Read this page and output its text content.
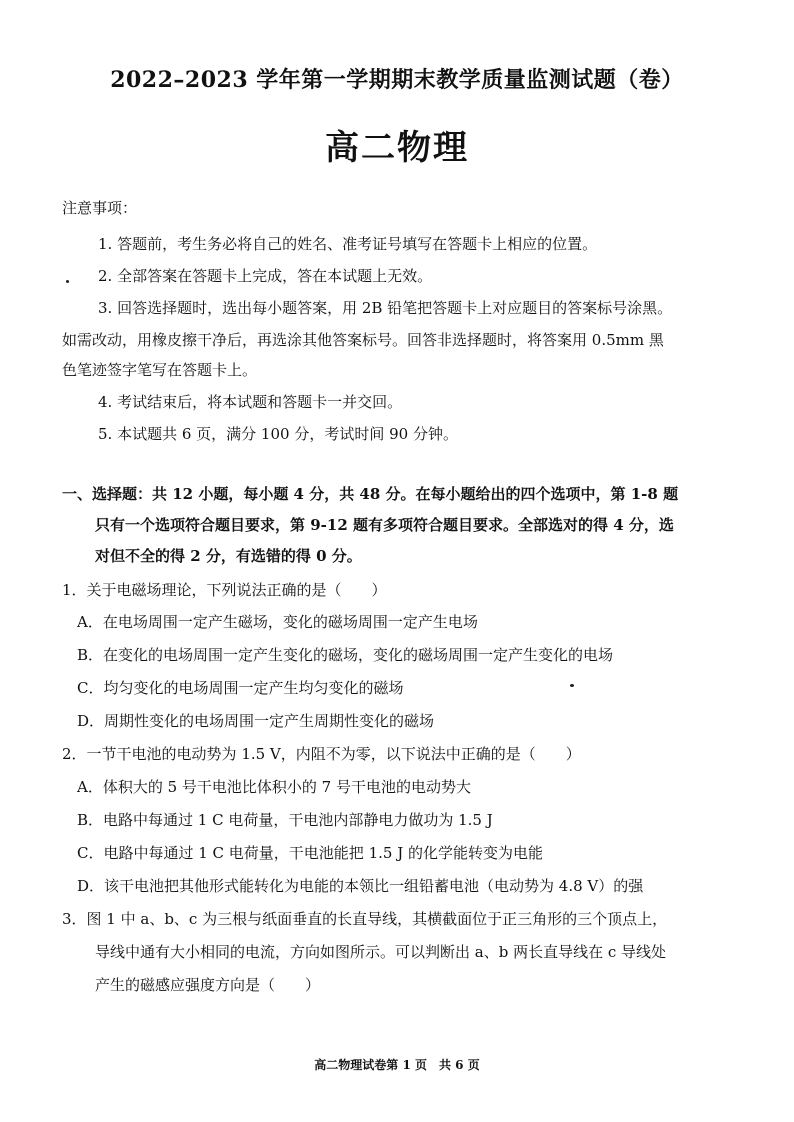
2022–2023 学年第一学期期末教学质量监测试题（卷）
高二物理
注意事项：
1. 答题前，考生务必将自己的姓名、准考证号填写在答题卡上相应的位置。
2. 全部答案在答题卡上完成，答在本试题上无效。
3. 回答选择题时，选出每小题答案，用 2B 铅笔把答题卡上对应题目的答案标号涂黑。
如需改动，用橡皮擦干净后，再选涂其他答案标号。回答非选择题时，将答案用 0.5mm 黑
色笔迹签字笔写在答题卡上。
4. 考试结束后，将本试题和答题卡一并交回。
5. 本试题共 6 页，满分 100 分，考试时间 90 分钟。
一、选择题：共 12 小题，每小题 4 分，共 48 分。在每小题给出的四个选项中，第 1-8 题
只有一个选项符合题目要求，第 9-12 题有多项符合题目要求。全部选对的得 4 分，选
对但不全的得 2 分，有选错的得 0 分。
1．关于电磁场理论，下列说法正确的是（　　）
A．在电场周围一定产生磁场，变化的磁场周围一定产生电场
B．在变化的电场周围一定产生变化的磁场，变化的磁场周围一定产生变化的电场
C．均匀变化的电场周围一定产生均匀变化的磁场
D．周期性变化的电场周围一定产生周期性变化的磁场
2．一节干电池的电动势为 1.5 V，内阻不为零，以下说法中正确的是（　　）
A．体积大的 5 号干电池比体积小的 7 号干电池的电动势大
B．电路中每通过 1 C 电荷量，干电池内部静电力做功为 1.5 J
C．电路中每通过 1 C 电荷量，干电池能把 1.5 J 的化学能转变为电能
D．该干电池把其他形式能转化为电能的本领比一组铅蓄电池（电动势为 4.8 V）的强
3．图 1 中 a、b、c 为三根与纸面垂直的长直导线，其横截面位于正三角形的三个顶点上，
导线中通有大小相同的电流，方向如图所示。可以判断出 a、b 两长直导线在 c 导线处
产生的磁感应强度方向是（　　）
高二物理试卷第 1 页　共 6 页
